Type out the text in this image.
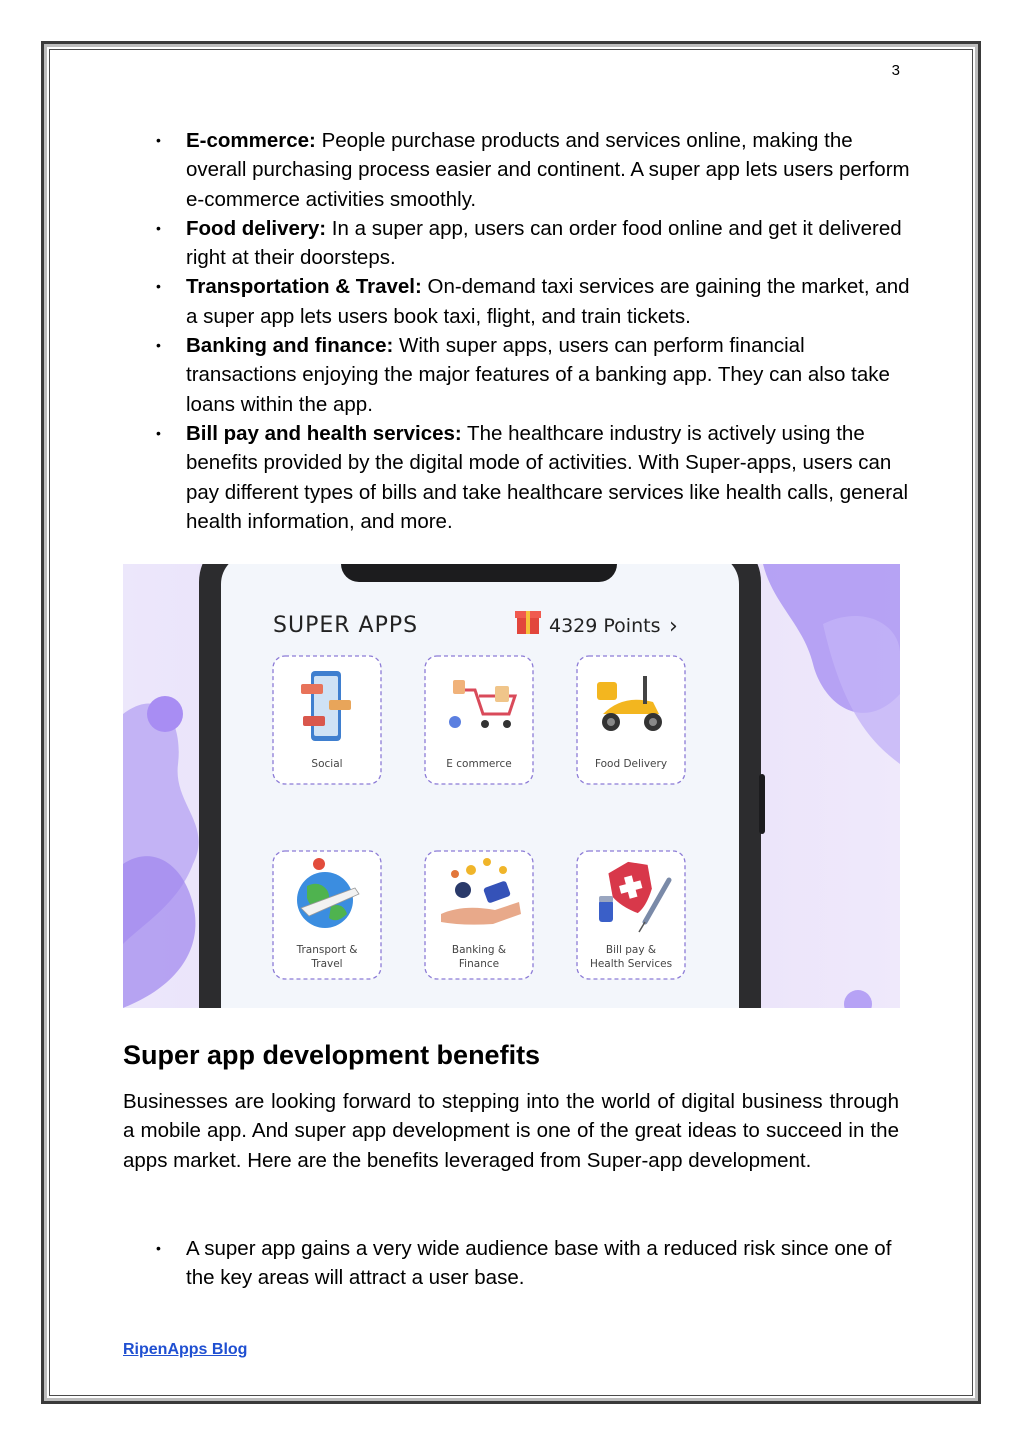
3
• E-commerce: People purchase products and services online, making the overall purchasing process easier and continent. A super app lets users perform e-commerce activities smoothly.
• Food delivery: In a super app, users can order food online and get it delivered right at their doorsteps.
• Transportation & Travel: On-demand taxi services are gaining the market, and a super app lets users book taxi, flight, and train tickets.
• Banking and finance: With super apps, users can perform financial transactions enjoying the major features of a banking app. They can also take loans within the app.
• Bill pay and health services: The healthcare industry is actively using the benefits provided by the digital mode of activities. With Super-apps, users can pay different types of bills and take healthcare services like health calls, general health information, and more.
SUPER APPS	4329 Points ›
Social	E commerce	Food Delivery
Transport &
Travel
Banking &
Finance
Bill pay &
Health Services
Super app development benefits

Businesses are looking forward to stepping into the world of digital business through a mobile app. And super app development is one of the great ideas to succeed in the apps market. Here are the benefits leveraged from Super-app development.

• A super app gains a very wide audience base with a reduced risk since one of the key areas will attract a user base.
RipenApps Blog
